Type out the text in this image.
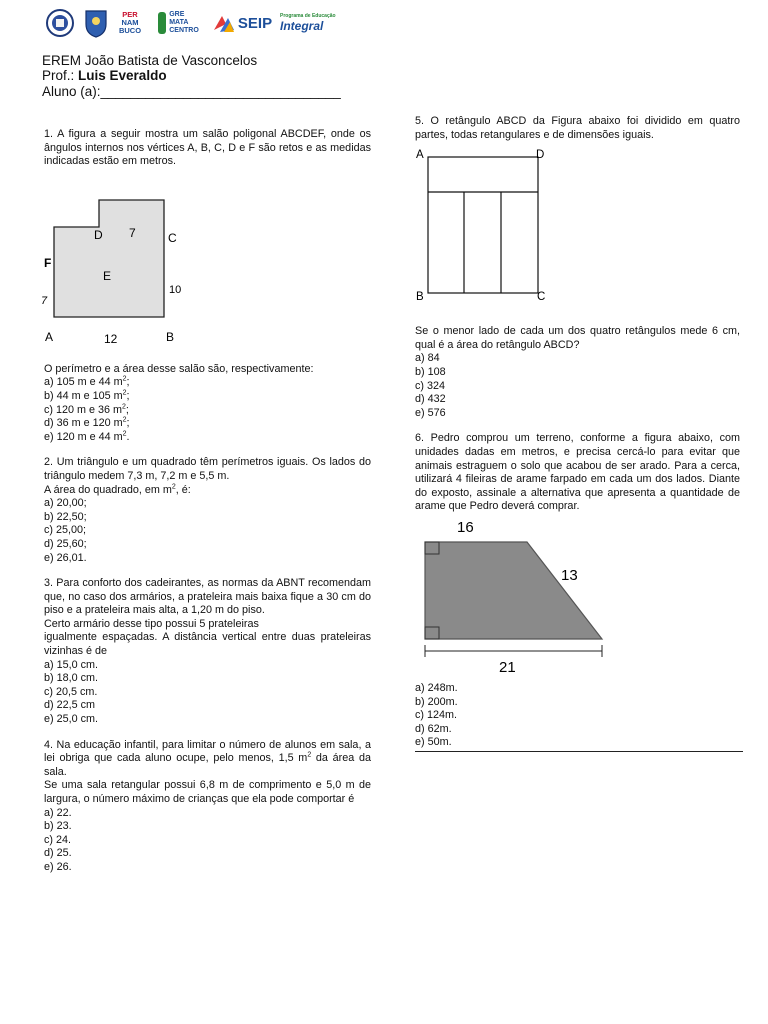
PER
NAM
BUCO
GRE
MATA
CENTRO	SEIP Programa de Educação
Integral
EREM João Batista de Vasconcelos
Prof.: Luis Everaldo
Aluno (a):________________________________

1. A figura a seguir mostra um salão poligonal ABCDEF, onde os ângulos internos nos vértices A, B, C, D e F são retos e as medidas indicadas estão em metros.

D 7	C
F
E
10
7
A	12	B

O perímetro e a área desse salão são, respectivamente:

a) 105 m e 44 $m^2$;

b) 44 m e 105 $m^2$;

c) 120 m e 36 $m^2$;

d) 36 m e 120 $m^2$;

e) 120 m e 44 $m^2$.

2. Um triângulo e um quadrado têm perímetros iguais. Os lados do triângulo medem 7,3 m, 7,2 m e 5,5 m.

A área do quadrado, em $m^2$, é:

a) 20,00;

b) 22,50;

c) 25,00;

d) 25,60;

e) 26,01.

3. Para conforto dos cadeirantes, as normas da ABNT recomendam que, no caso dos armários, a prateleira mais baixa fique a 30 cm do piso e a prateleira mais alta, a 1,20 m do piso.

Certo armário desse tipo possui 5 prateleiras

igualmente espaçadas. A distância vertical entre duas prateleiras vizinhas é de

a) 15,0 cm.

b) 18,0 cm.

c) 20,5 cm.

d) 22,5 cm

e) 25,0 cm.

4. Na educação infantil, para limitar o número de alunos em sala, a lei obriga que cada aluno ocupe, pelo menos, 1,5 $m^2$ da área da sala.

Se uma sala retangular possui 6,8 m de comprimento e 5,0 m de largura, o número máximo de crianças que ela pode comportar é

a) 22.

b) 23.

c) 24.

d) 25.

e) 26.

5. O retângulo ABCD da Figura abaixo foi dividido em quatro partes, todas retangulares e de dimensões iguais.

A	D
B	C

Se o menor lado de cada um dos quatro retângulos mede 6 cm, qual é a área do retângulo ABCD?

a) 84

b) 108

c) 324

d) 432

e) 576

6. Pedro comprou um terreno, conforme a figura abaixo, com unidades dadas em metros, e precisa cercá-lo para evitar que animais estraguem o solo que acabou de ser arado. Para a cerca, utilizará 4 fileiras de arame farpado em cada um dos lados. Diante do exposto, assinale a alternativa que apresenta a quantidade de arame que Pedro deverá comprar.

16
13
21

a) 248m.

b) 200m.

c) 124m.

d) 62m.

e) 50m.
